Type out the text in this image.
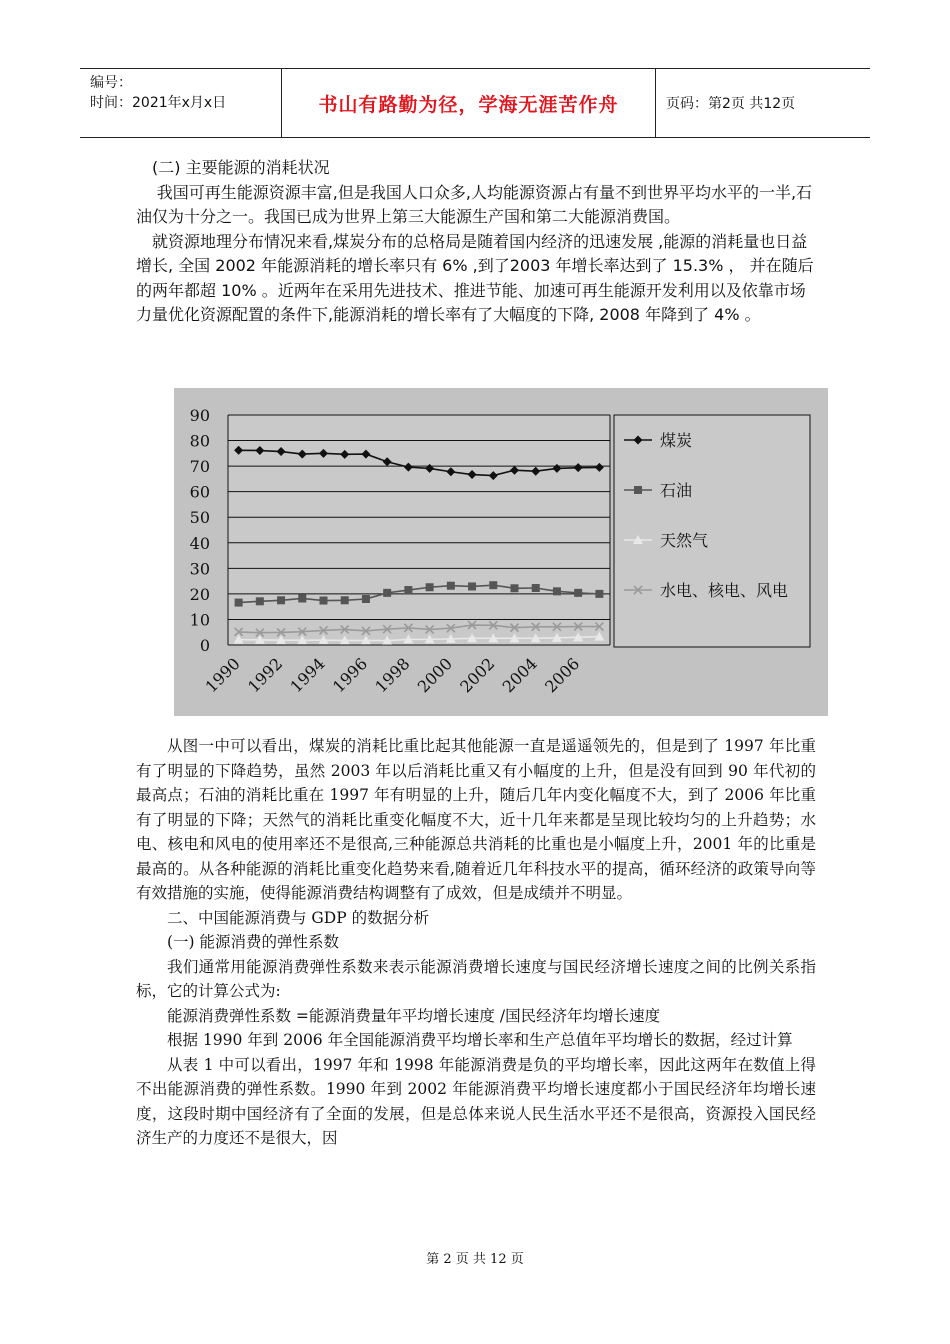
编号：
时间：2021年x月x日	书山有路勤为径，学海无涯苦作舟	页码：第2页 共12页

(二) 主要能源的消耗状况

我国可再生能源资源丰富,但是我国人口众多,人均能源资源占有量不到世界平均水平的一半,石油仅为十分之一。我国已成为世界上第三大能源生产国和第二大能源消费国。

就资源地理分布情况来看,煤炭分布的总格局是随着国内经济的迅速发展 ,能源的消耗量也日益增长, 全国 2002 年能源消耗的增长率只有 6% ,到了2003 年增长率达到了 15.3% ， 并在随后的两年都超 10% 。近两年在采用先进技术、推进节能、加速可再生能源开发利用以及依靠市场力量优化资源配置的条件下,能源消耗的增长率有了大幅度的下降, 2008 年降到了 4% 。

0
10
20
30
40
50
60
70
80
90
1990 1992 1994 1996 1998 2000 2002 2004 2006
煤炭
石油
天然气
水电、核电、风电

从图一中可以看出，煤炭的消耗比重比起其他能源一直是遥遥领先的，但是到了 1997 年比重有了明显的下降趋势，虽然 2003 年以后消耗比重又有小幅度的上升，但是没有回到 90 年代初的最高点；石油的消耗比重在 1997 年有明显的上升，随后几年内变化幅度不大，到了 2006 年比重有了明显的下降；天然气的消耗比重变化幅度不大，近十几年来都是呈现比较均匀的上升趋势；水电、核电和风电的使用率还不是很高,三种能源总共消耗的比重也是小幅度上升，2001 年的比重是最高的。从各种能源的消耗比重变化趋势来看,随着近几年科技水平的提高，循环经济的政策导向等有效措施的实施，使得能源消费结构调整有了成效，但是成绩并不明显。

二、中国能源消费与 GDP 的数据分析

(一) 能源消费的弹性系数

我们通常用能源消费弹性系数来表示能源消费增长速度与国民经济增长速度之间的比例关系指标，它的计算公式为:

能源消费弹性系数 =能源消费量年平均增长速度 /国民经济年均增长速度

根据 1990 年到 2006 年全国能源消费平均增长率和生产总值年平均增长的数据，经过计算

从表 1 中可以看出，1997 年和 1998 年能源消费是负的平均增长率，因此这两年在数值上得不出能源消费的弹性系数。1990 年到 2002 年能源消费平均增长速度都小于国民经济年均增长速度，这段时期中国经济有了全面的发展，但是总体来说人民生活水平还不是很高，资源投入国民经济生产的力度还不是很大，因

第 2 页 共 12 页
